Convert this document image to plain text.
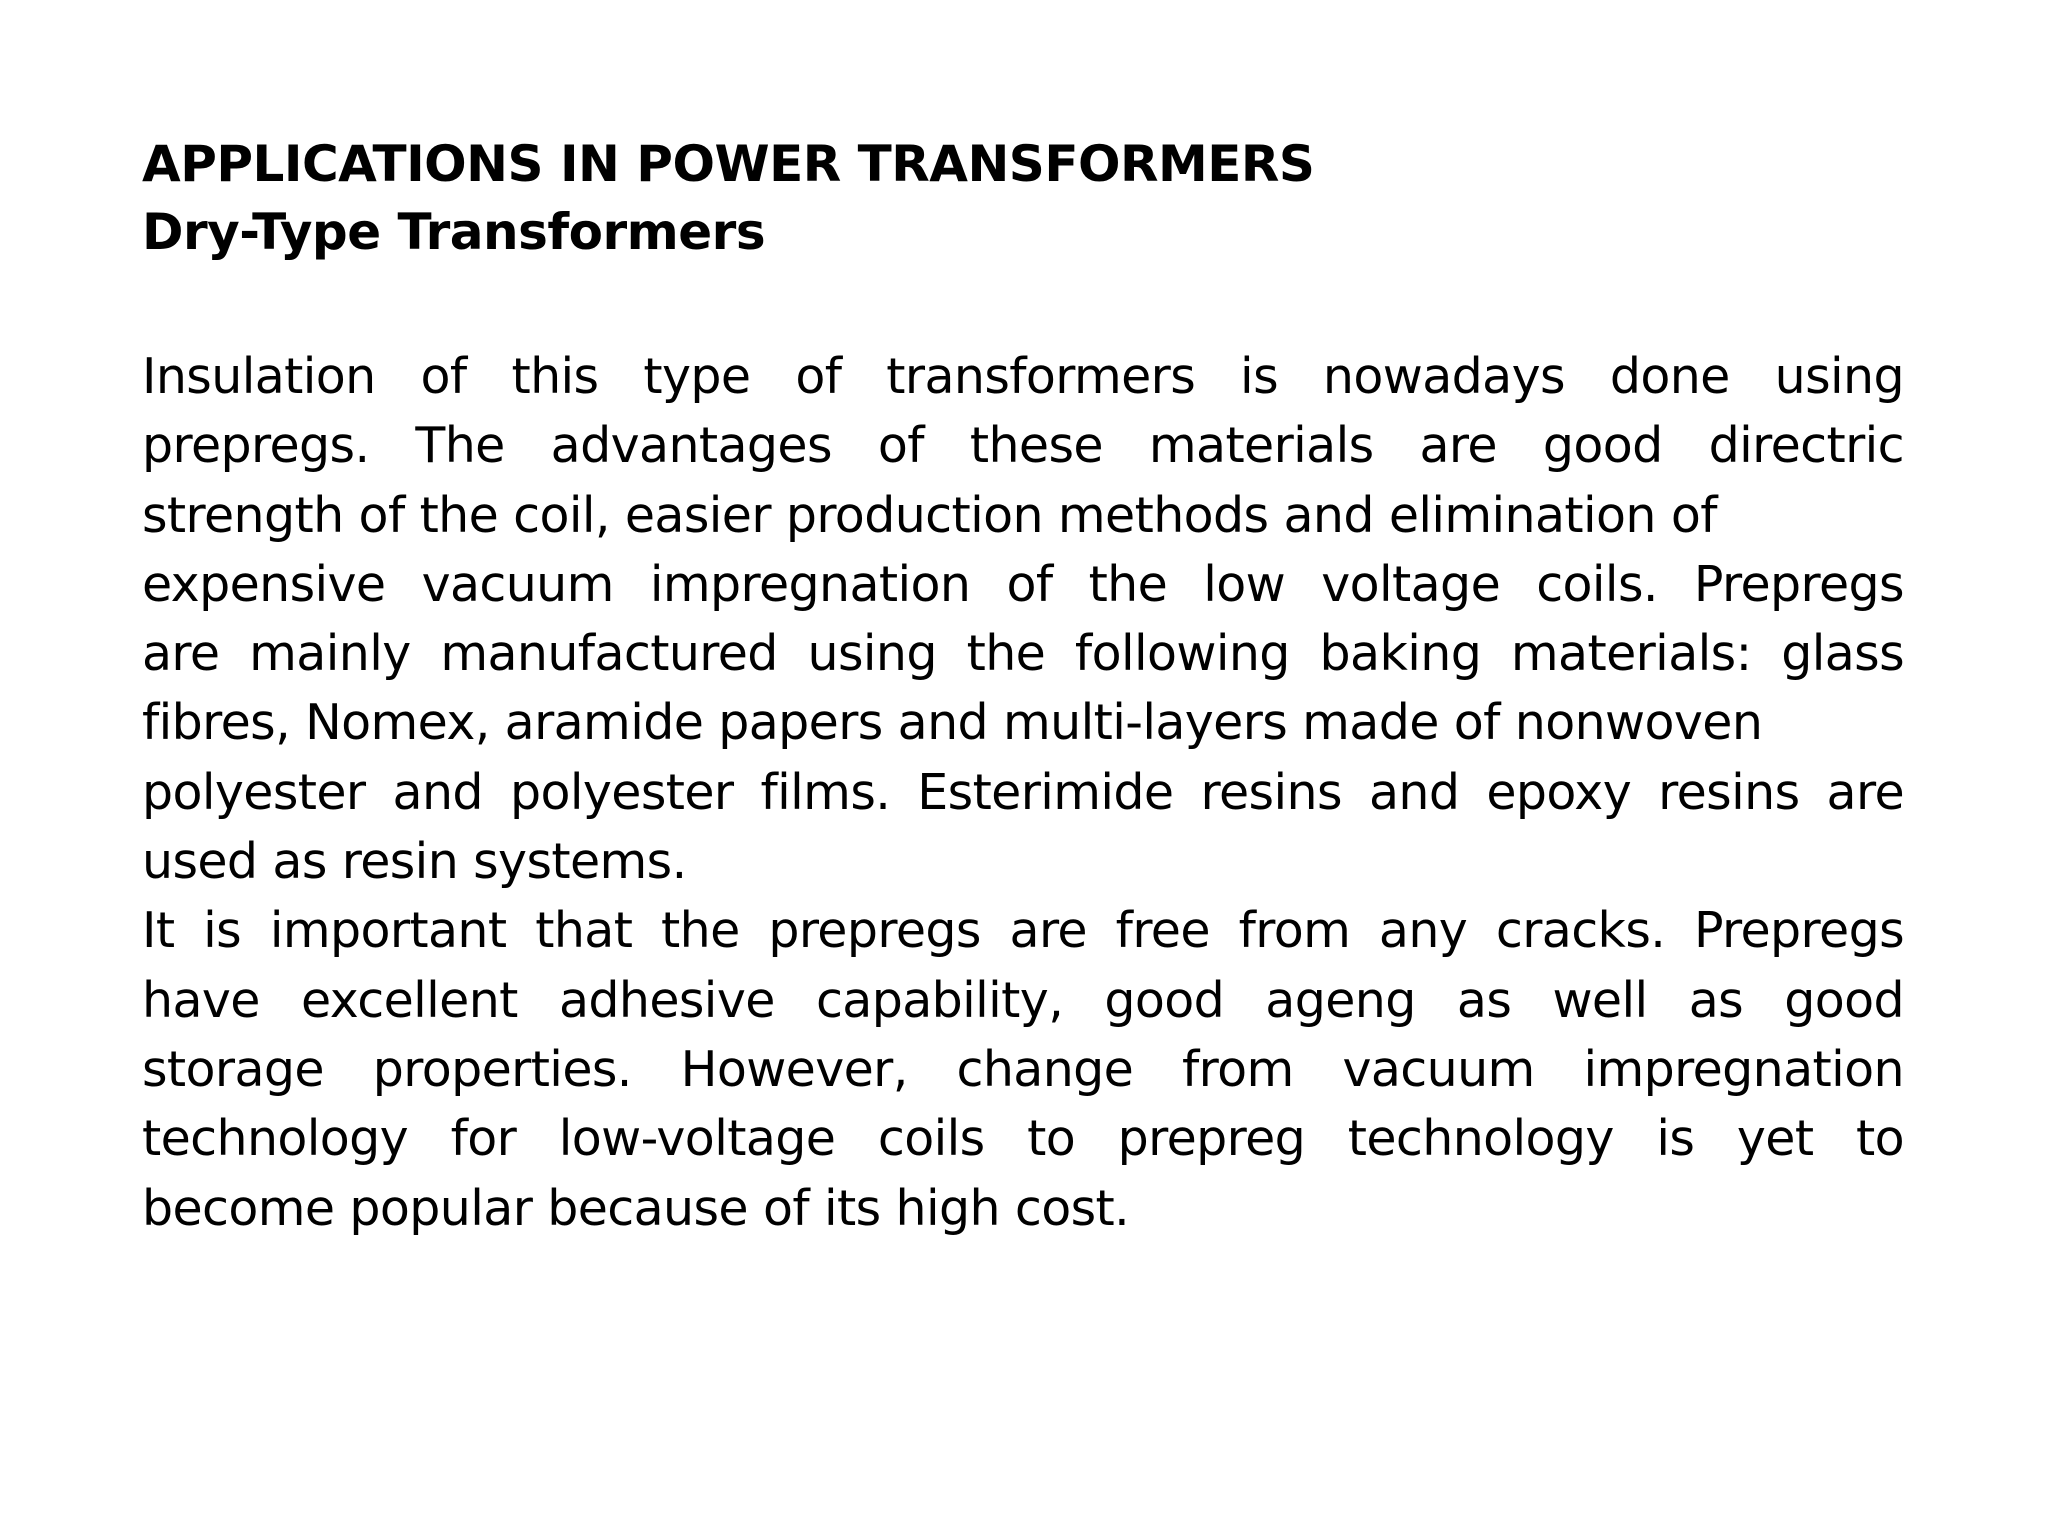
APPLICATIONS IN POWER TRANSFORMERS
Dry-Type Transformers
Insulation of this type of transformers is nowadays done using
prepregs. The advantages of these materials are good directric
strength of the coil, easier production methods and elimination of
expensive vacuum impregnation of the low voltage coils. Prepregs
are mainly manufactured using the following baking materials: glass
fibres, Nomex, aramide papers and multi-layers made of nonwoven
polyester and polyester films. Esterimide resins and epoxy resins are
used as resin systems.
It is important that the prepregs are free from any cracks. Prepregs
have excellent adhesive capability, good ageng as well as good
storage properties. However, change from vacuum impregnation
technology for low-voltage coils to prepreg technology is yet to
become popular because of its high cost.
